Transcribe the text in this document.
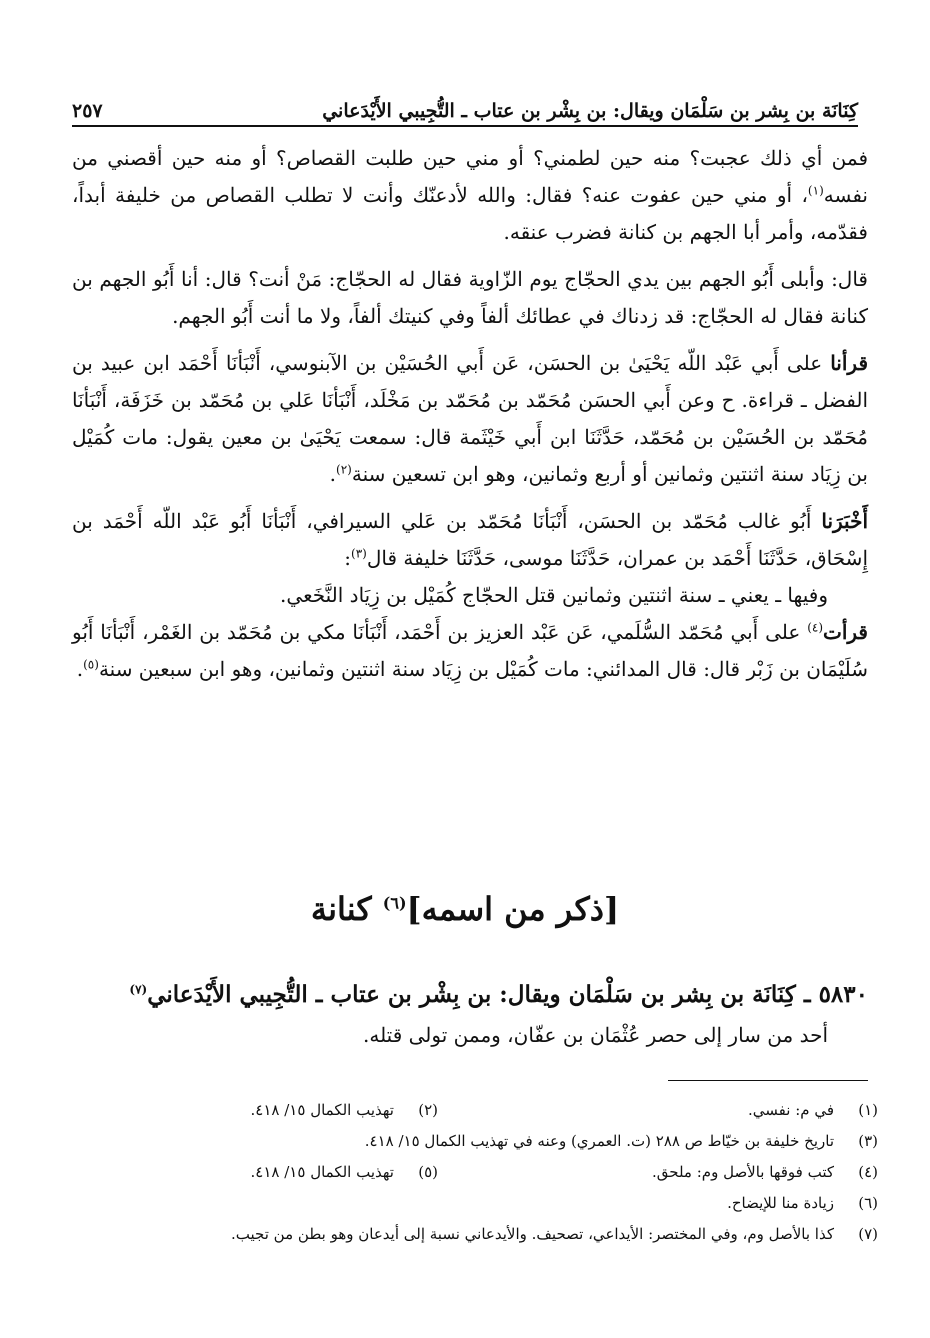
كِنَانَة بن بِشر بن سَلْمَان ويقال: بن بِشْر بن عتاب ـ التُّجِيبي الأَيْدَعاني
٢٥٧

فمن أي ذلك عجبت؟ منه حين لطمني؟ أو مني حين طلبت القصاص؟ أو منه حين أقصني من نفسه$^{(١)}$، أو مني حين عفوت عنه؟ فقال: والله لأدعنّك وأنت لا تطلب القصاص من خليفة أبداً، فقدّمه، وأمر أبا الجهم بن كنانة فضرب عنقه.

قال: وأبلى أَبُو الجهم بين يدي الحجّاج يوم الزّاوية فقال له الحجّاج: مَنْ أنت؟ قال: أنا أَبُو الجهم بن كنانة فقال له الحجّاج: قد زدناك في عطائك ألفاً وفي كنيتك ألفاً، ولا ما أنت أَبُو الجهم.

قرأنا على أَبي عَبْد اللّه يَحْيَىٰ بن الحسَن، عَن أَبي الحُسَيْن بن الآبنوسي، أَنْبَأنَا أَحْمَد ابن عبيد بن الفضل ـ قراءة. ح وعن أَبي الحسَن مُحَمّد بن مُحَمّد بن مَخْلَد، أَنْبَأنَا عَلي بن مُحَمّد بن خَزَفَة، أَنْبَأنَا مُحَمّد بن الحُسَيْن بن مُحَمّد، حَدَّثَنَا ابن أَبي خَيْثَمة قال: سمعت يَحْيَىٰ بن معين يقول: مات كُمَيْل بن زِيَاد سنة اثنتين وثمانين أو أربع وثمانين، وهو ابن تسعين سنة$^{(٢)}$.

أَخْبَرَنا أَبُو غالب مُحَمّد بن الحسَن، أَنْبَأنَا مُحَمّد بن عَلي السيرافي، أَنْبَأنَا أَبُو عَبْد اللّه أَحْمَد بن إِسْحَاق، حَدَّثَنَا أَحْمَد بن عمران، حَدَّثَنَا موسى، حَدَّثَنَا خليفة قال$^{(٣)}$:

وفيها ـ يعني ـ سنة اثنتين وثمانين قتل الحجّاج كُمَيْل بن زِيَاد النَّخَعي.

قرأت$^{(٤)}$ على أَبي مُحَمّد السُّلَمي، عَن عَبْد العزيز بن أَحْمَد، أَنْبَأنَا مكي بن مُحَمّد بن الغَمْر، أَنْبَأنَا أَبُو سُلَيْمَان بن زَبْر قال: قال المدائني: مات كُمَيْل بن زِيَاد سنة اثنتين وثمانين، وهو ابن سبعين سنة$^{(٥)}$.

[ذكر من اسمه]$^{(٦)}$ كنانة
٥٨٣٠ ـ كِنَانَة بن بِشر بن سَلْمَان ويقال: بن بِشْر بن عتاب ـ التُّجِيبي الأَيْدَعاني$^{(٧)}$
أحد من سار إلى حصر عُثْمَان بن عفّان، وممن تولى قتله.
(١)
في م: نفسي.
(٢)
تهذيب الكمال ١٥/ ٤١٨.
(٣)
تاريخ خليفة بن خيّاط ص ٢٨٨ (ت. العمري) وعنه في تهذيب الكمال ١٥/ ٤١٨.
(٤)
كتب فوقها بالأصل وم: ملحق.
(٥)
تهذيب الكمال ١٥/ ٤١٨.
(٦)
زيادة منا للإيضاح.
(٧)
كذا بالأصل وم، وفي المختصر: الأيداعي، تصحيف. والأيدعاني نسبة إلى أيدعان وهو بطن من تجيب.
